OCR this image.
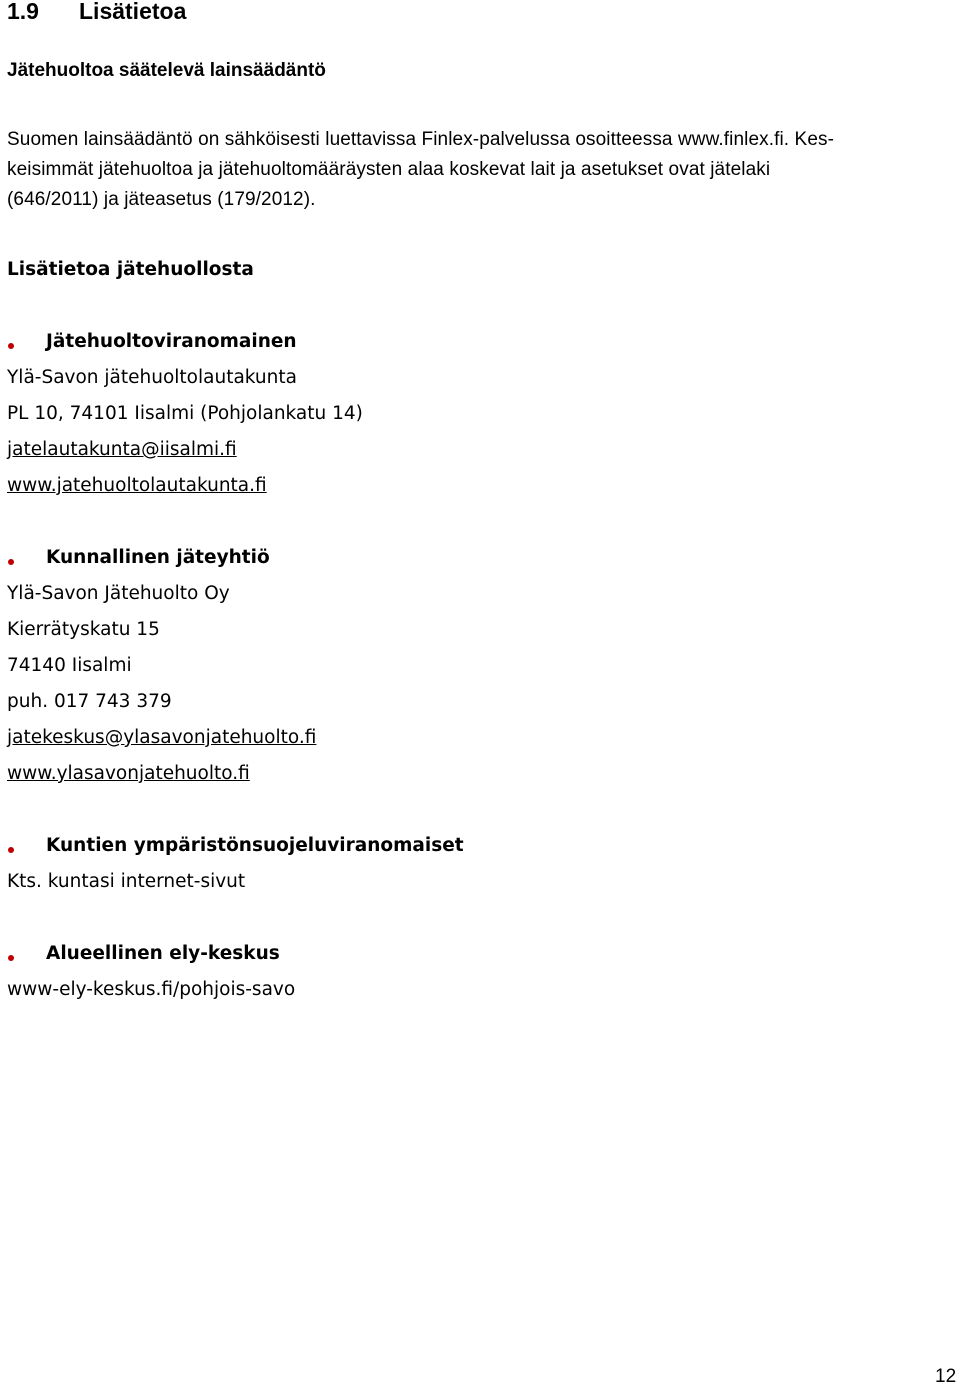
1.9 Lisätietoa
Jätehuoltoa säätelevä lainsäädäntö
Suomen lainsäädäntö on sähköisesti luettavissa Finlex-palvelussa osoitteessa www.finlex.fi. Kes-
keisimmät jätehuoltoa ja jätehuoltomääräysten alaa koskevat lait ja asetukset ovat jätelaki
(646/2011) ja jäteasetus (179/2012).
Lisätietoa jätehuollosta
Jätehuoltoviranomainen
Ylä-Savon jätehuoltolautakunta
PL 10, 74101 Iisalmi (Pohjolankatu 14)
jatelautakunta@iisalmi.fi
www.jatehuoltolautakunta.fi
Kunnallinen jäteyhtiö
Ylä-Savon Jätehuolto Oy
Kierrätyskatu 15
74140 Iisalmi
puh. 017 743 379
jatekeskus@ylasavonjatehuolto.fi
www.ylasavonjatehuolto.fi
Kuntien ympäristönsuojeluviranomaiset
Kts. kuntasi internet-sivut
Alueellinen ely-keskus
www-ely-keskus.fi/pohjois-savo
12
